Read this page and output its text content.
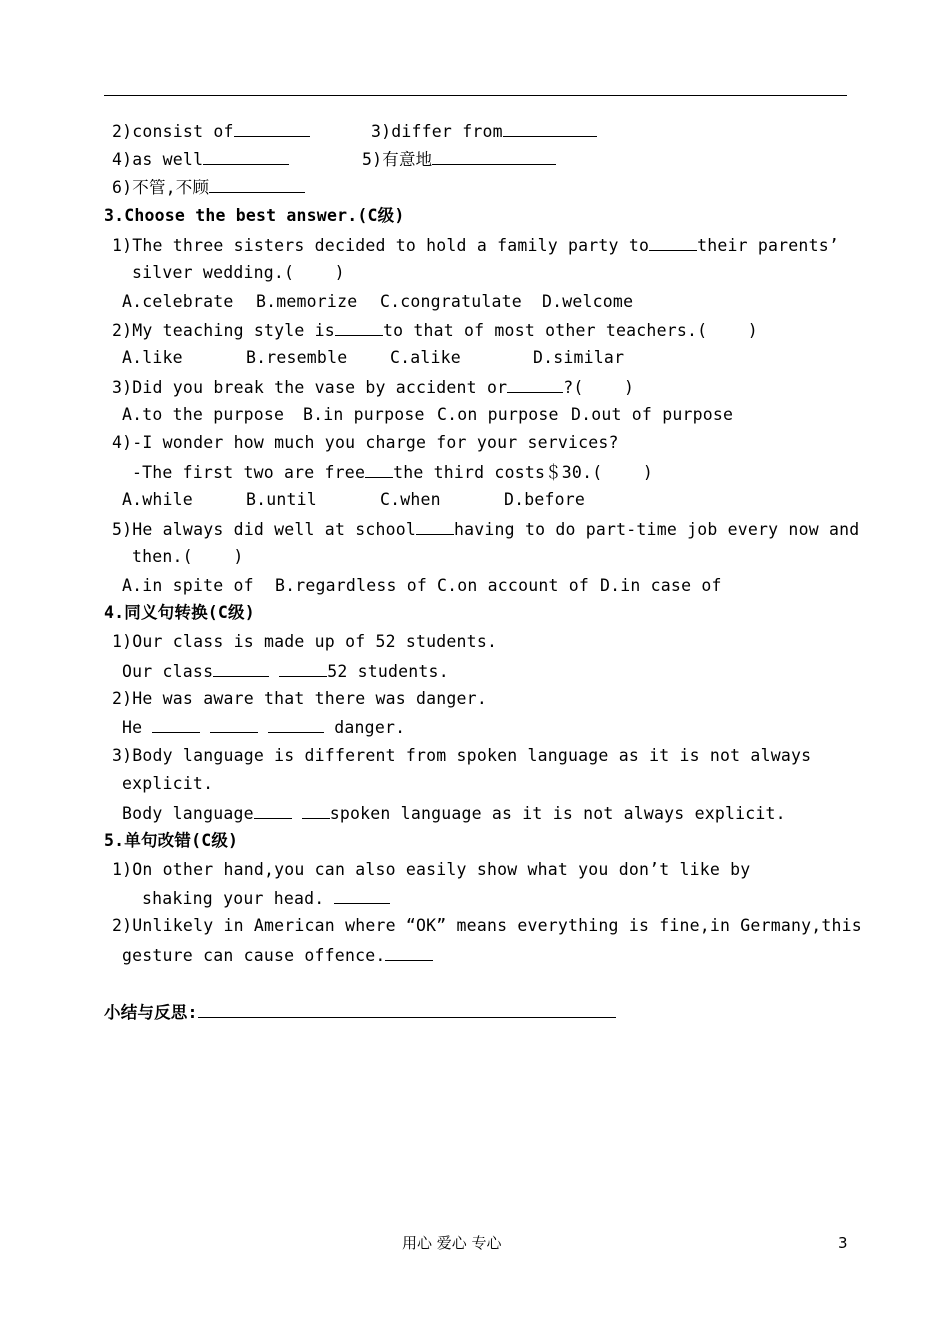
2)consist of	3)differ from
4)as well	5)有意地
6)不管,不顾
3.Choose the best answer.(C级)
1)The three sisters decided to hold a family party to	their parents’
silver wedding.(    )
A.celebrate B.memorize C.congratulate D.welcome
2)My teaching style is	to that of most other teachers.(    )
A.like	B.resemble	C.alike	D.similar
3)Did you break the vase by accident or	?(    )
A.to the purpose B.in purpose C.on purpose D.out of purpose
4)-I wonder how much you charge for your services?
-The first two are free the third costs＄30.(    )
A.while	B.until	C.when	D.before
5)He always did well at school having to do part-time job every now and
then.(    )
A.in spite of B.regardless of C.on account of D.in case of
4.同义句转换(C级)
1)Our class is made up of 52 students.
Our class	52 students.
2)He was aware that there was danger.
He	danger.
3)Body language is different from spoken language as it is not always
explicit.
Body language	spoken language as it is not always explicit.
5.单句改错(C级)
1)On other hand,you can also easily show what you don’t like by
shaking your head.
2)Unlikely in American where “OK” means everything is fine,in Germany,this
gesture can cause offence.
小结与反思:
用心 爱心 专心	3
